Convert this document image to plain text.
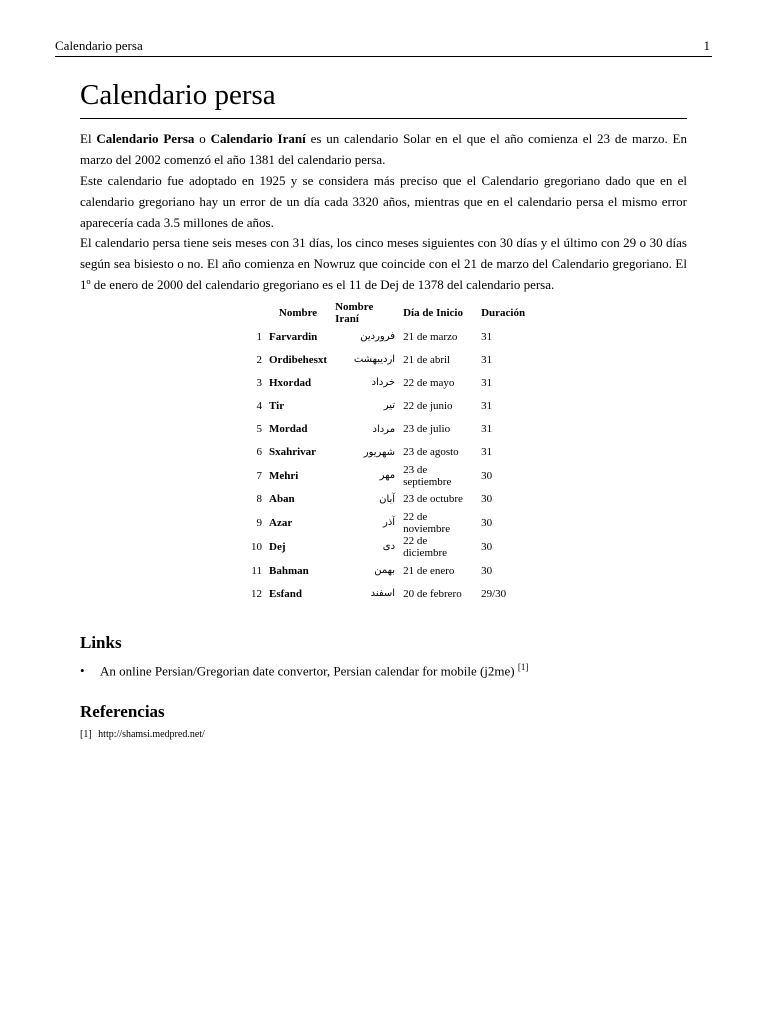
Calendario persa	1
Calendario persa

El Calendario Persa o Calendario Iraní es un calendario Solar en el que el año comienza el 23 de marzo. En marzo del 2002 comenzó el año 1381 del calendario persa.

Este calendario fue adoptado en 1925 y se considera más preciso que el Calendario gregoriano dado que en el calendario gregoriano hay un error de un día cada 3320 años, mientras que en el calendario persa el mismo error aparecería cada 3.5 millones de años.

El calendario persa tiene seis meses con 31 días, los cinco meses siguientes con 30 días y el último con 29 o 30 días según sea bisiesto o no. El año comienza en Nowruz que coincide con el 21 de marzo del Calendario gregoriano. El 1º de enero de 2000 del calendario gregoriano es el 11 de Dej de 1378 del calendario persa.

	Nombre	Nombre Iraní	Día de Inicio	Duración
1	Farvardin	فروردین	21 de marzo	31
2	Ordibehesxt	اردیبهشت	21 de abril	31
3	Hxordad	خرداد	22 de mayo	31
4	Tir	تیر	22 de junio	31
5	Mordad	مرداد	23 de julio	31
6	Sxahrivar	شهریور	23 de agosto	31
7	Mehri	مهر	23 de septiembre	30
8	Aban	آبان	23 de octubre	30
9	Azar	آذر	22 de noviembre	30
10	Dej	دی	22 de diciembre	30
11	Bahman	بهمن	21 de enero	30
12	Esfand	اسفند	20 de febrero	29/30
Links
• An online Persian/Gregorian date convertor, Persian calendar for mobile (j2me) [1]
Referencias
[1] http://shamsi.medpred.net/
